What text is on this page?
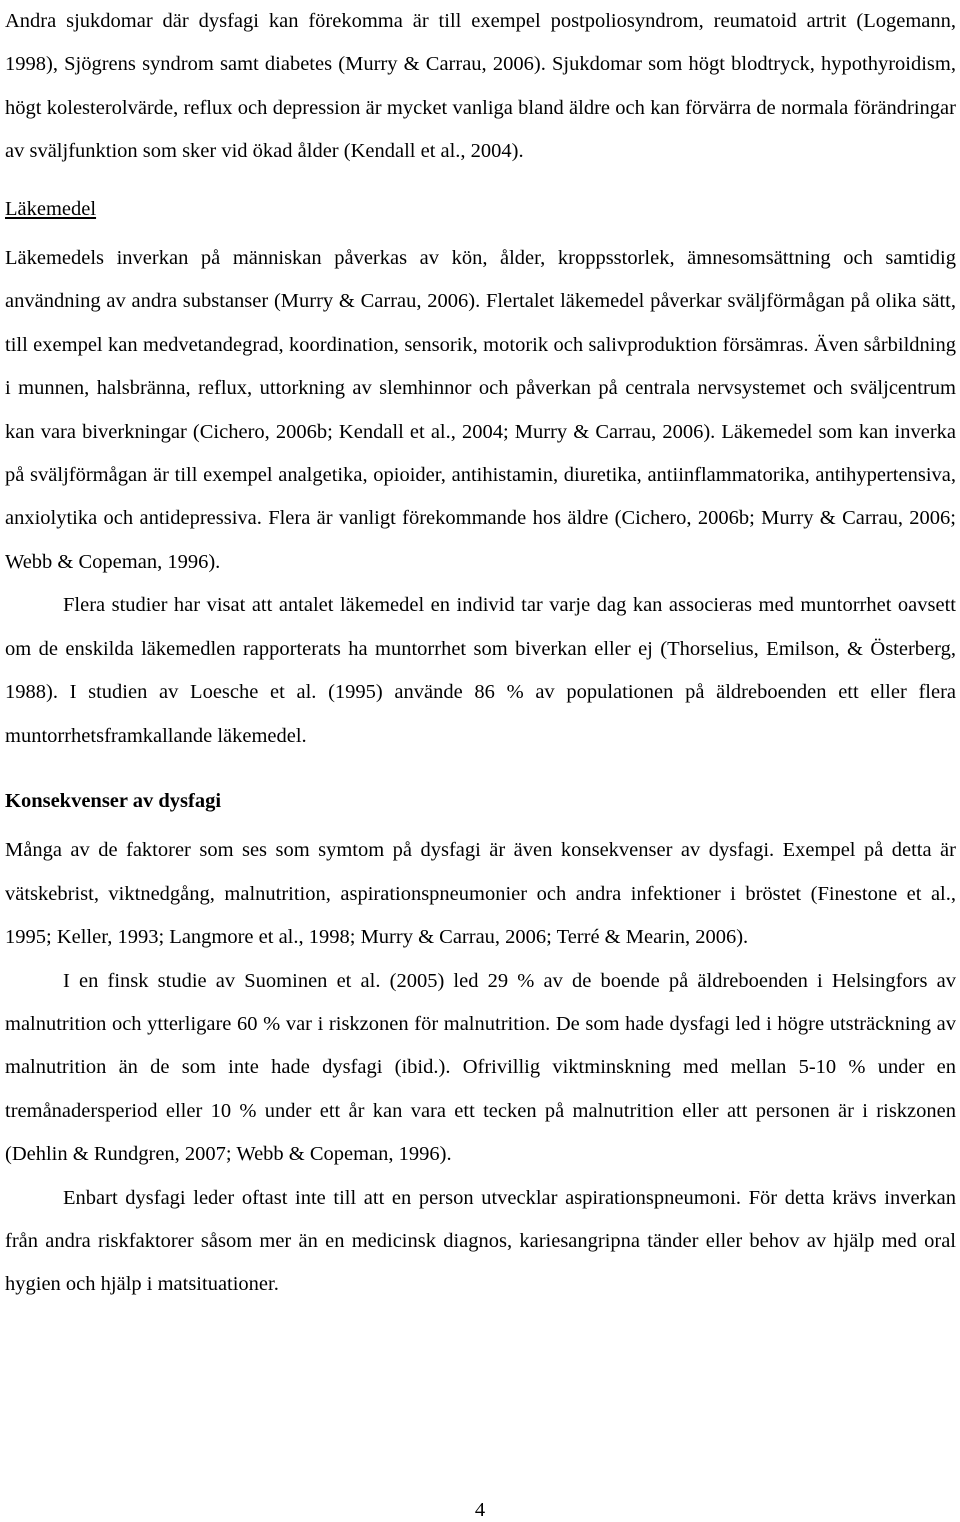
Andra sjukdomar där dysfagi kan förekomma är till exempel postpoliosyndrom, reumatoid artrit (Logemann, 1998), Sjögrens syndrom samt diabetes (Murry & Carrau, 2006). Sjukdomar som högt blodtryck, hypothyroidism, högt kolesterolvärde, reflux och depression är mycket vanliga bland äldre och kan förvärra de normala förändringar av sväljfunktion som sker vid ökad ålder (Kendall et al., 2004).

Läkemedel

Läkemedels inverkan på människan påverkas av kön, ålder, kroppsstorlek, ämnesomsättning och samtidig användning av andra substanser (Murry & Carrau, 2006). Flertalet läkemedel påverkar sväljförmågan på olika sätt, till exempel kan medvetandegrad, koordination, sensorik, motorik och salivproduktion försämras. Även sårbildning i munnen, halsbränna, reflux, uttorkning av slemhinnor och påverkan på centrala nervsystemet och sväljcentrum kan vara biverkningar (Cichero, 2006b; Kendall et al., 2004; Murry & Carrau, 2006). Läkemedel som kan inverka på sväljförmågan är till exempel analgetika, opioider, antihistamin, diuretika, antiinflammatorika, antihypertensiva, anxiolytika och antidepressiva. Flera är vanligt förekommande hos äldre (Cichero, 2006b; Murry & Carrau, 2006; Webb & Copeman, 1996).

Flera studier har visat att antalet läkemedel en individ tar varje dag kan associeras med muntorrhet oavsett om de enskilda läkemedlen rapporterats ha muntorrhet som biverkan eller ej (Thorselius, Emilson, & Österberg, 1988). I studien av Loesche et al. (1995) använde 86 % av populationen på äldreboenden ett eller flera muntorrhetsframkallande läkemedel.

Konsekvenser av dysfagi

Många av de faktorer som ses som symtom på dysfagi är även konsekvenser av dysfagi. Exempel på detta är vätskebrist, viktnedgång, malnutrition, aspirationspneumonier och andra infektioner i bröstet (Finestone et al., 1995; Keller, 1993; Langmore et al., 1998; Murry & Carrau, 2006; Terré & Mearin, 2006).

I en finsk studie av Suominen et al. (2005) led 29 % av de boende på äldreboenden i Helsingfors av malnutrition och ytterligare 60 % var i riskzonen för malnutrition. De som hade dysfagi led i högre utsträckning av malnutrition än de som inte hade dysfagi (ibid.). Ofrivillig viktminskning med mellan 5-10 % under en tremånadersperiod eller 10 % under ett år kan vara ett tecken på malnutrition eller att personen är i riskzonen (Dehlin & Rundgren, 2007; Webb & Copeman, 1996).

Enbart dysfagi leder oftast inte till att en person utvecklar aspirationspneumoni. För detta krävs inverkan från andra riskfaktorer såsom mer än en medicinsk diagnos, kariesangripna tänder eller behov av hjälp med oral hygien och hjälp i matsituationer.

4
